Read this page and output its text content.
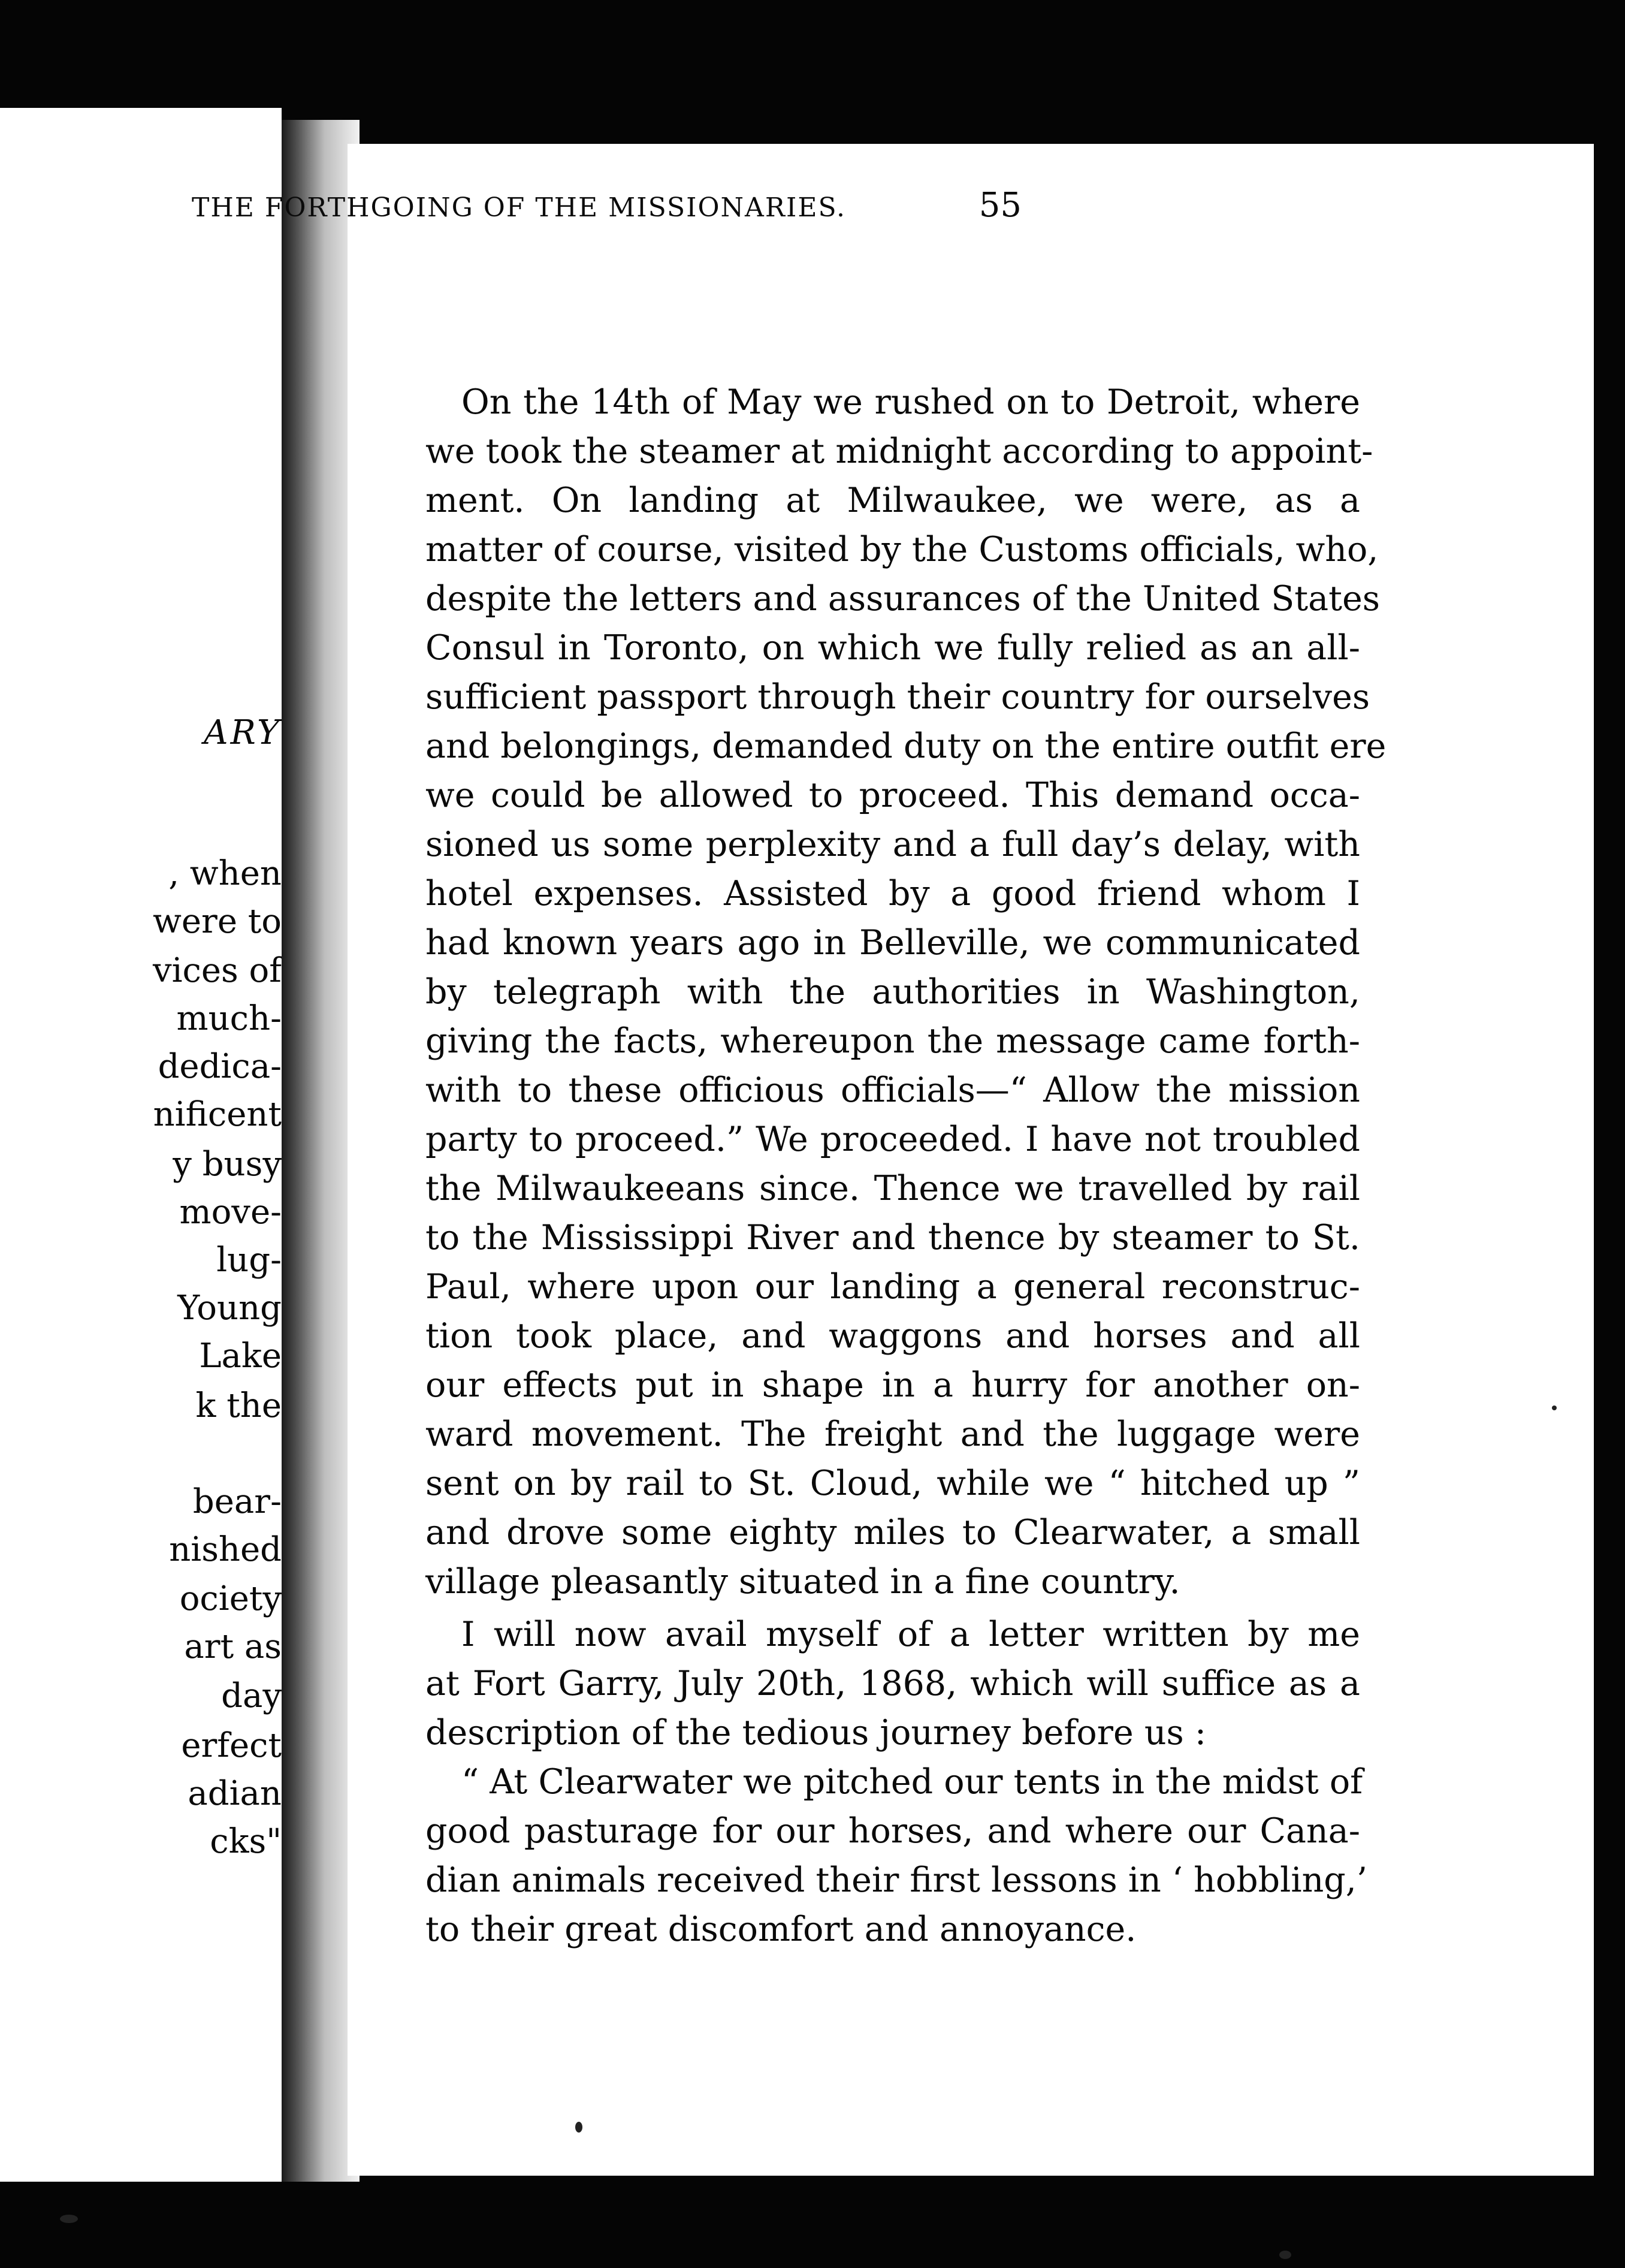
ARY
, when
were to
vices of
much-
dedica-
nificent
y busy
move-
lug-
Young
Lake
k the
bear-
nished
ociety
art as
day
erfect
adian
cks"
THE FORTHGOING OF THE MISSIONARIES.	55
On the 14th of May we rushed on to Detroit, where
we took the steamer at midnight according to appoint-
ment. On landing at Milwaukee, we were, as a
matter of course, visited by the Customs officials, who,
despite the letters and assurances of the United States
Consul in Toronto, on which we fully relied as an all-
sufficient passport through their country for ourselves
and belongings, demanded duty on the entire outfit ere
we could be allowed to proceed. This demand occa-
sioned us some perplexity and a full day’s delay, with
hotel expenses. Assisted by a good friend whom I
had known years ago in Belleville, we communicated
by telegraph with the authorities in Washington,
giving the facts, whereupon the message came forth-
with to these officious officials—“ Allow the mission
party to proceed.” We proceeded. I have not troubled
the Milwaukeeans since. Thence we travelled by rail
to the Mississippi River and thence by steamer to St.
Paul, where upon our landing a general reconstruc-
tion took place, and waggons and horses and all
our effects put in shape in a hurry for another on-
ward movement. The freight and the luggage were
sent on by rail to St. Cloud, while we “ hitched up ”
and drove some eighty miles to Clearwater, a small
village pleasantly situated in a fine country.
I will now avail myself of a letter written by me
at Fort Garry, July 20th, 1868, which will suffice as a
description of the tedious journey before us :
“ At Clearwater we pitched our tents in the midst of
good pasturage for our horses, and where our Cana-
dian animals received their first lessons in ‘ hobbling,’
to their great discomfort and annoyance.
